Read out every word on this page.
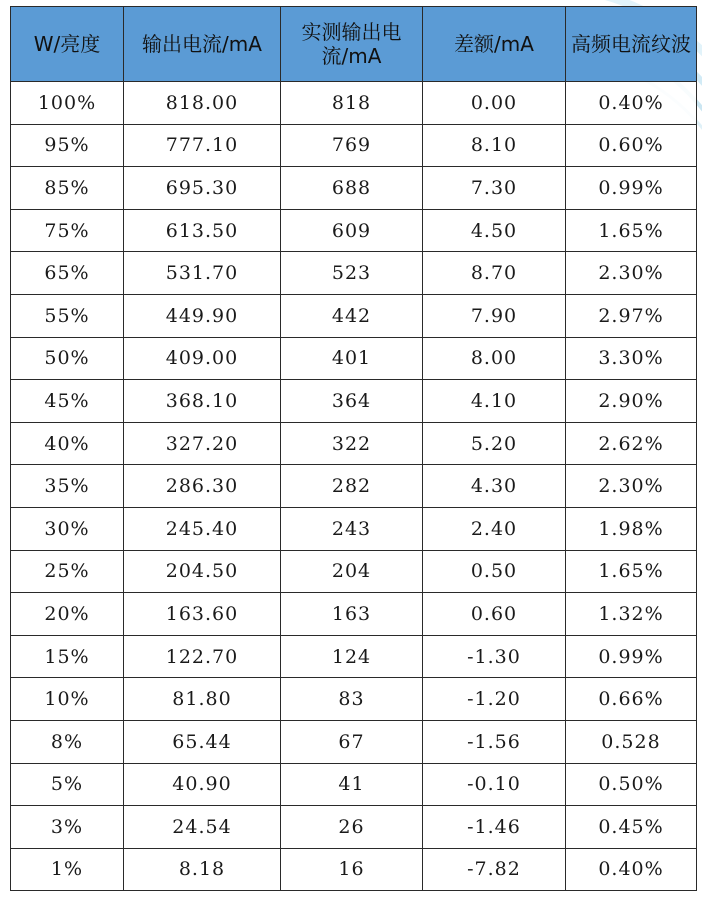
W/亮度	输出电流/mA	实测输出电流/mA	差额/mA	高频电流纹波
100%	818.00	818	0.00	0.40%
95%	777.10	769	8.10	0.60%
85%	695.30	688	7.30	0.99%
75%	613.50	609	4.50	1.65%
65%	531.70	523	8.70	2.30%
55%	449.90	442	7.90	2.97%
50%	409.00	401	8.00	3.30%
45%	368.10	364	4.10	2.90%
40%	327.20	322	5.20	2.62%
35%	286.30	282	4.30	2.30%
30%	245.40	243	2.40	1.98%
25%	204.50	204	0.50	1.65%
20%	163.60	163	0.60	1.32%
15%	122.70	124	-1.30	0.99%
10%	81.80	83	-1.20	0.66%
8%	65.44	67	-1.56	0.528
5%	40.90	41	-0.10	0.50%
3%	24.54	26	-1.46	0.45%
1%	8.18	16	-7.82	0.40%
